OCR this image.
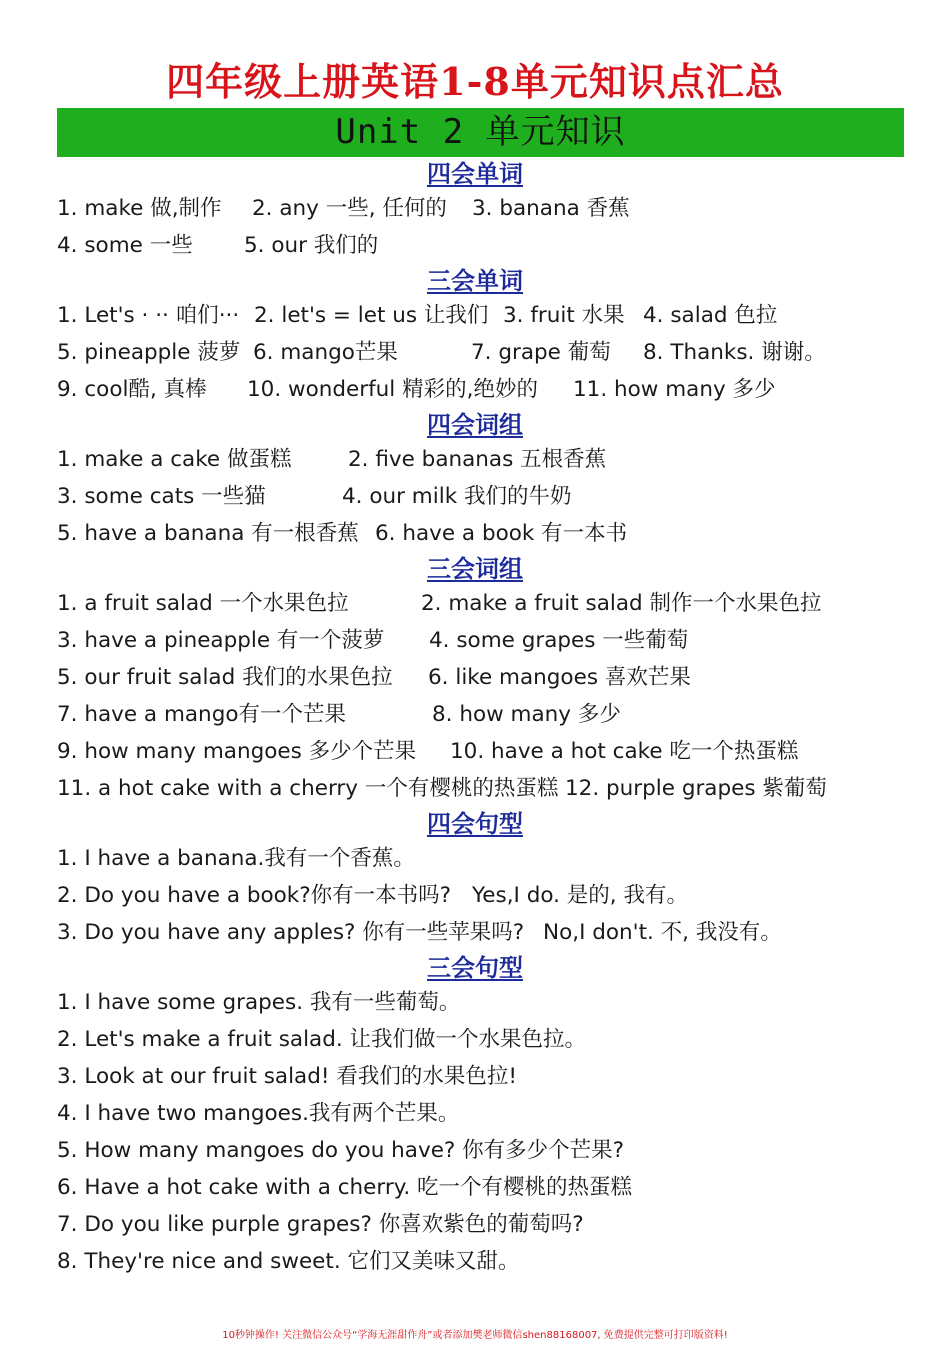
四年级上册英语1-8单元知识点汇总
Unit 2 单元知识
四会单词
1. make 做,制作 2. any 一些, 任何的 3. banana 香蕉
4. some 一些 5. our 我们的
三会单词
1. Let's · ·· 咱们··· 2. let's = let us 让我们 3. fruit 水果 4. salad 色拉
5. pineapple 菠萝 6. mango芒果	7. grape 葡萄 8. Thanks. 谢谢。
9. cool酷, 真棒 10. wonderful 精彩的,绝妙的 11. how many 多少
四会词组
1. make a cake 做蛋糕	2. five bananas 五根香蕉
3. some cats 一些猫	4. our milk 我们的牛奶
5. have a banana 有一根香蕉 6. have a book 有一本书
三会词组
1. a fruit salad 一个水果色拉	2. make a fruit salad 制作一个水果色拉
3. have a pineapple 有一个菠萝 4. some grapes 一些葡萄
5. our fruit salad 我们的水果色拉 6. like mangoes 喜欢芒果
7. have a mango有一个芒果	8. how many 多少
9. how many mangoes 多少个芒果 10. have a hot cake 吃一个热蛋糕
11. a hot cake with a cherry 一个有樱桃的热蛋糕 12. purple grapes 紫葡萄
四会句型
1. I have a banana.我有一个香蕉。
2. Do you have a book?你有一本书吗? Yes,I do. 是的, 我有。
3. Do you have any apples? 你有一些苹果吗? No,I don't. 不, 我没有。
三会句型
1. I have some grapes. 我有一些葡萄。
2. Let's make a fruit salad. 让我们做一个水果色拉。
3. Look at our fruit salad! 看我们的水果色拉!
4. I have two mangoes.我有两个芒果。
5. How many mangoes do you have? 你有多少个芒果?
6. Have a hot cake with a cherry. 吃一个有樱桃的热蛋糕
7. Do you like purple grapes? 你喜欢紫色的葡萄吗?
8. They're nice and sweet. 它们又美味又甜。
10秒钟操作! 关注微信公众号“学海无涯甜作舟”或者添加樊老师微信shen88168007, 免费提供完整可打印版资料!
